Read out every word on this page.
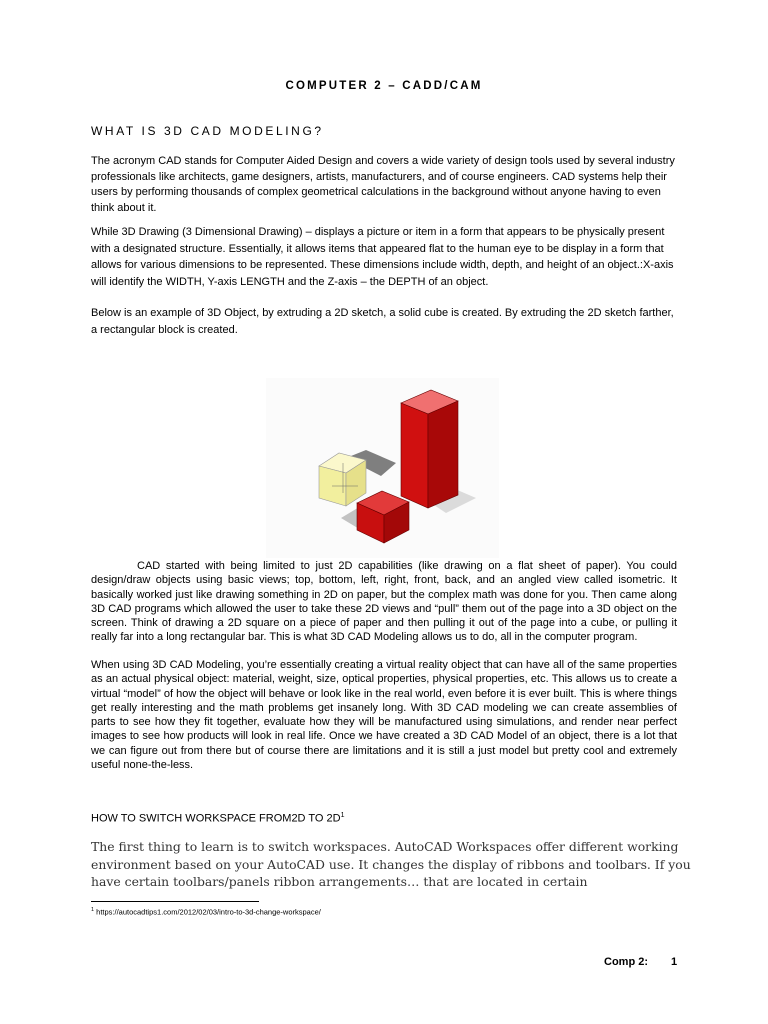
COMPUTER 2 – CADD/CAM
WHAT IS 3D CAD MODELING?

The acronym CAD stands for Computer Aided Design and covers a wide variety of design tools used by several industry professionals like architects, game designers, artists, manufacturers, and of course engineers. CAD systems help their users by performing thousands of complex geometrical calculations in the background without anyone having to even think about it.

While 3D Drawing (3 Dimensional Drawing) – displays a picture or item in a form that appears to be physically present with a designated structure. Essentially, it allows items that appeared flat to the human eye to be display in a form that allows for various dimensions to be represented. These dimensions include width, depth, and height of an object.:X-axis will identify the WIDTH, Y-axis LENGTH and the Z-axis – the DEPTH of an object.

Below is an example of 3D Object, by extruding a 2D sketch, a solid cube is created. By extruding the 2D sketch farther, a rectangular block is created.

CAD started with being limited to just 2D capabilities (like drawing on a flat sheet of paper). You could design/draw objects using basic views; top, bottom, left, right, front, back, and an angled view called isometric. It basically worked just like drawing something in 2D on paper, but the complex math was done for you. Then came along 3D CAD programs which allowed the user to take these 2D views and “pull” them out of the page into a 3D object on the screen. Think of drawing a 2D square on a piece of paper and then pulling it out of the page into a cube, or pulling it really far into a long rectangular bar. This is what 3D CAD Modeling allows us to do, all in the computer program.

When using 3D CAD Modeling, you’re essentially creating a virtual reality object that can have all of the same properties as an actual physical object: material, weight, size, optical properties, physical properties, etc. This allows us to create a virtual “model” of how the object will behave or look like in the real world, even before it is ever built. This is where things get really interesting and the math problems get insanely long. With 3D CAD modeling we can create assemblies of parts to see how they fit together, evaluate how they will be manufactured using simulations, and render near perfect images to see how products will look in real life. Once we have created a 3D CAD Model of an object, there is a lot that we can figure out from there but of course there are limitations and it is still a just model but pretty cool and extremely useful none-the-less.

HOW TO SWITCH WORKSPACE FROM2D TO $2D^1$

The first thing to learn is to switch workspaces. AutoCAD Workspaces offer different working environment based on your AutoCAD use. It changes the display of ribbons and toolbars. If you have certain toolbars/panels ribbon arrangements… that are located in certain

$^1$ https://autocadtips1.com/2012/02/03/intro-to-3d-change-workspace/
Comp 2: 1
